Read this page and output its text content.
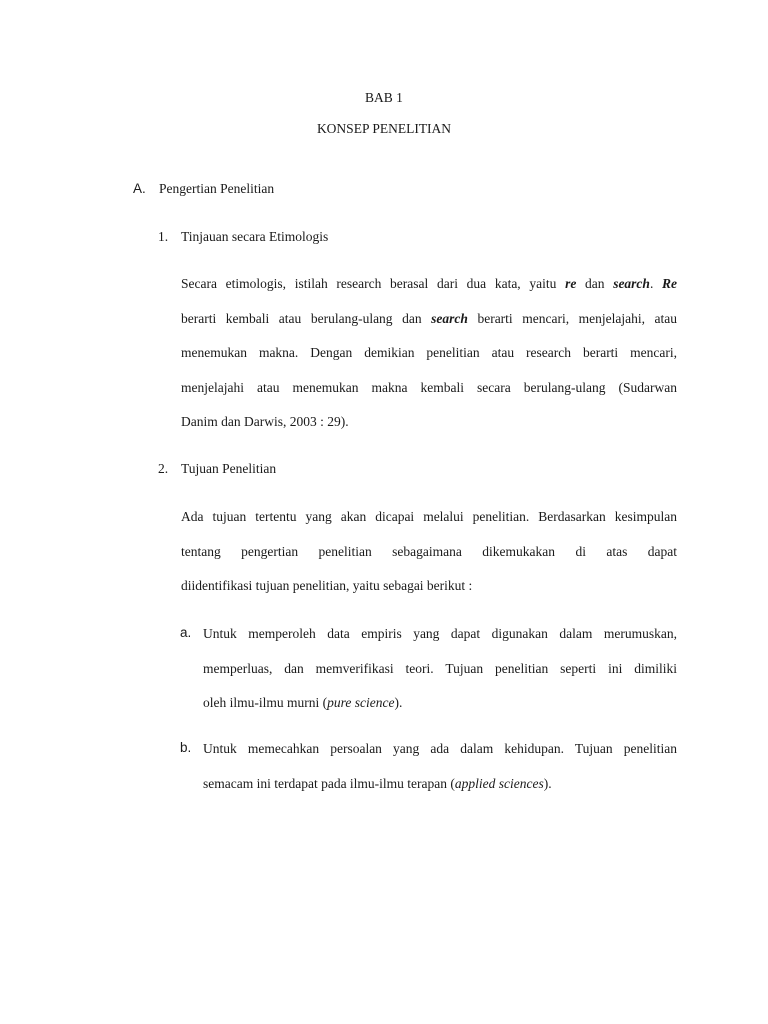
BAB 1
KONSEP PENELITIAN
A. Pengertian Penelitian
1. Tinjauan secara Etimologis
Secara etimologis, istilah research berasal dari dua kata, yaitu re dan search. Re
berarti kembali atau berulang-ulang dan search berarti mencari, menjelajahi, atau
menemukan makna. Dengan demikian penelitian atau research berarti mencari,
menjelajahi atau menemukan makna kembali secara berulang-ulang (Sudarwan
Danim dan Darwis, 2003 : 29).
2. Tujuan Penelitian
Ada tujuan tertentu yang akan dicapai melalui penelitian. Berdasarkan kesimpulan
tentang pengertian penelitian sebagaimana dikemukakan di atas dapat
diidentifikasi tujuan penelitian, yaitu sebagai berikut :
a. Untuk memperoleh data empiris yang dapat digunakan dalam merumuskan,
memperluas, dan memverifikasi teori. Tujuan penelitian seperti ini dimiliki
oleh ilmu-ilmu murni (pure science).
b. Untuk memecahkan persoalan yang ada dalam kehidupan. Tujuan penelitian
semacam ini terdapat pada ilmu-ilmu terapan (applied sciences).
